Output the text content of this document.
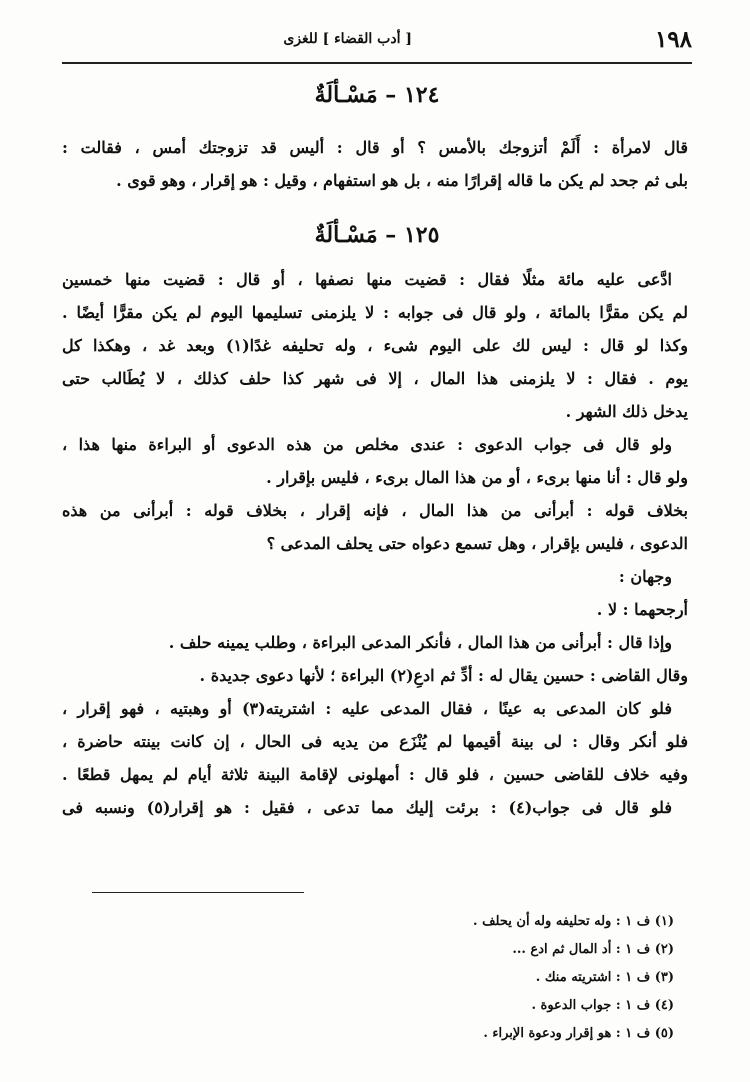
١٩٨
[ أدب القضاء ] للغزى
١٢٤ – مَسْـألَةٌ
قال لامرأة : أَلَمْ أتزوجك بالأمس ؟ أو قال : أليس قد تزوجتك أمس ، فقالت :
بلى ثم جحد لم يكن ما قاله إقرارًا منه ، بل هو استفهام ، وقيل : هو إقرار ، وهو قوى .
١٢٥ – مَسْـألَةٌ
ادَّعى عليه مائة مثلًا فقال : قضيت منها نصفها ، أو قال : قضيت منها خمسين
لم يكن مقرًّا بالمائة ، ولو قال فى جوابه : لا يلزمنى تسليمها اليوم لم يكن مقرًّا أيضًا .
وكذا لو قال : ليس لك على اليوم شىء ، وله تحليفه غدًا(١) وبعد غد ، وهكذا كل
يوم . فقال : لا يلزمنى هذا المال ، إلا فى شهر كذا حلف كذلك ، لا يُطَالب حتى
يدخل ذلك الشهر .
ولو قال فى جواب الدعوى : عندى مخلص من هذه الدعوى أو البراءة منها هذا ،
ولو قال : أنا منها برىء ، أو من هذا المال برىء ، فليس بإقرار .
بخلاف قوله : أبرأنى من هذا المال ، فإنه إقرار ، بخلاف قوله : أبرأنى من هذه
الدعوى ، فليس بإقرار ، وهل تسمع دعواه حتى يحلف المدعى ؟
وجهان :
أرجحهما : لا .
وإذا قال : أبرأنى من هذا المال ، فأنكر المدعى البراءة ، وطلب يمينه حلف .
وقال القاضى : حسين يقال له : أدِّ ثم ادعِ(٢) البراءة ؛ لأنها دعوى جديدة .
فلو كان المدعى به عينًا ، فقال المدعى عليه : اشتريته(٣) أو وهبتيه ، فهو إقرار ،
فلو أنكر وقال : لى بينة أقيمها لم يُنْزَع من يديه فى الحال ، إن كانت بينته حاضرة ،
وفيه خلاف للقاضى حسين ، فلو قال : أمهلونى لإقامة البينة ثلاثة أيام لم يمهل قطعًا .
فلو قال فى جواب(٤) : برئت إليك مما تدعى ، فقيل : هو إقرار(٥) ونسبه فى
(١) ف ١ : وله تحليفه وله أن يحلف .
(٢) ف ١ : أد المال ثم ادع ...
(٣) ف ١ : اشتريته منك .
(٤) ف ١ : جواب الدعوة .
(٥) ف ١ : هو إقرار ودعوة الإبراء .
